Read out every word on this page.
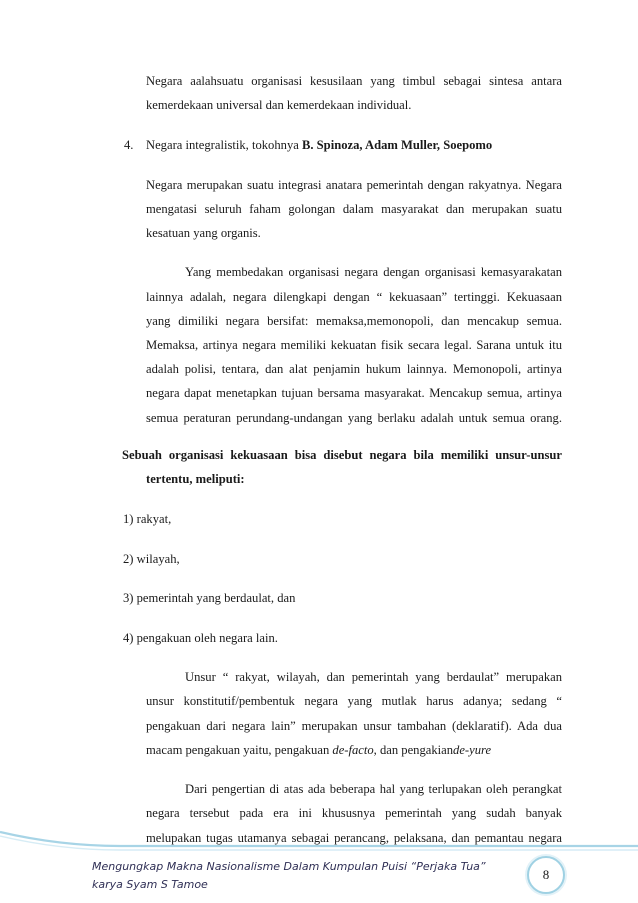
Negara aalahsuatu organisasi kesusilaan yang timbul sebagai sintesa antara
kemerdekaan universal dan kemerdekaan individual.
4. Negara integralistik, tokohnya B. Spinoza, Adam Muller, Soepomo
Negara merupakan suatu integrasi anatara pemerintah dengan rakyatnya. Negara
mengatasi seluruh faham golongan dalam masyarakat dan merupakan suatu
kesatuan yang organis.
Yang membedakan organisasi negara dengan organisasi kemasyarakatan
lainnya adalah, negara dilengkapi dengan “ kekuasaan” tertinggi. Kekuasaan
yang dimiliki negara bersifat: memaksa,memonopoli, dan mencakup semua.
Memaksa, artinya negara memiliki kekuatan fisik secara legal. Sarana untuk itu
adalah polisi, tentara, dan alat penjamin hukum lainnya. Memonopoli, artinya
negara dapat menetapkan tujuan bersama masyarakat. Mencakup semua, artinya
semua peraturan perundang-undangan yang berlaku adalah untuk semua orang.
Sebuah organisasi kekuasaan bisa disebut negara bila memiliki unsur-unsur
tertentu, meliputi:
1) rakyat,
2) wilayah,
3) pemerintah yang berdaulat, dan
4) pengakuan oleh negara lain.
Unsur “ rakyat, wilayah, dan pemerintah yang berdaulat” merupakan
unsur konstitutif/pembentuk negara yang mutlak harus adanya; sedang “
pengakuan dari negara lain” merupakan unsur tambahan (deklaratif). Ada dua
macam pengakuan yaitu, pengakuan de-facto, dan pengakiande-yure
Dari pengertian di atas ada beberapa hal yang terlupakan oleh perangkat
negara tersebut pada era ini khususnya pemerintah yang sudah banyak
melupakan tugas utamanya sebagai perancang, pelaksana, dan pemantau negara
Mengungkap Makna Nasionalisme Dalam Kumpulan Puisi “Perjaka Tua”
karya Syam S Tamoe
8
